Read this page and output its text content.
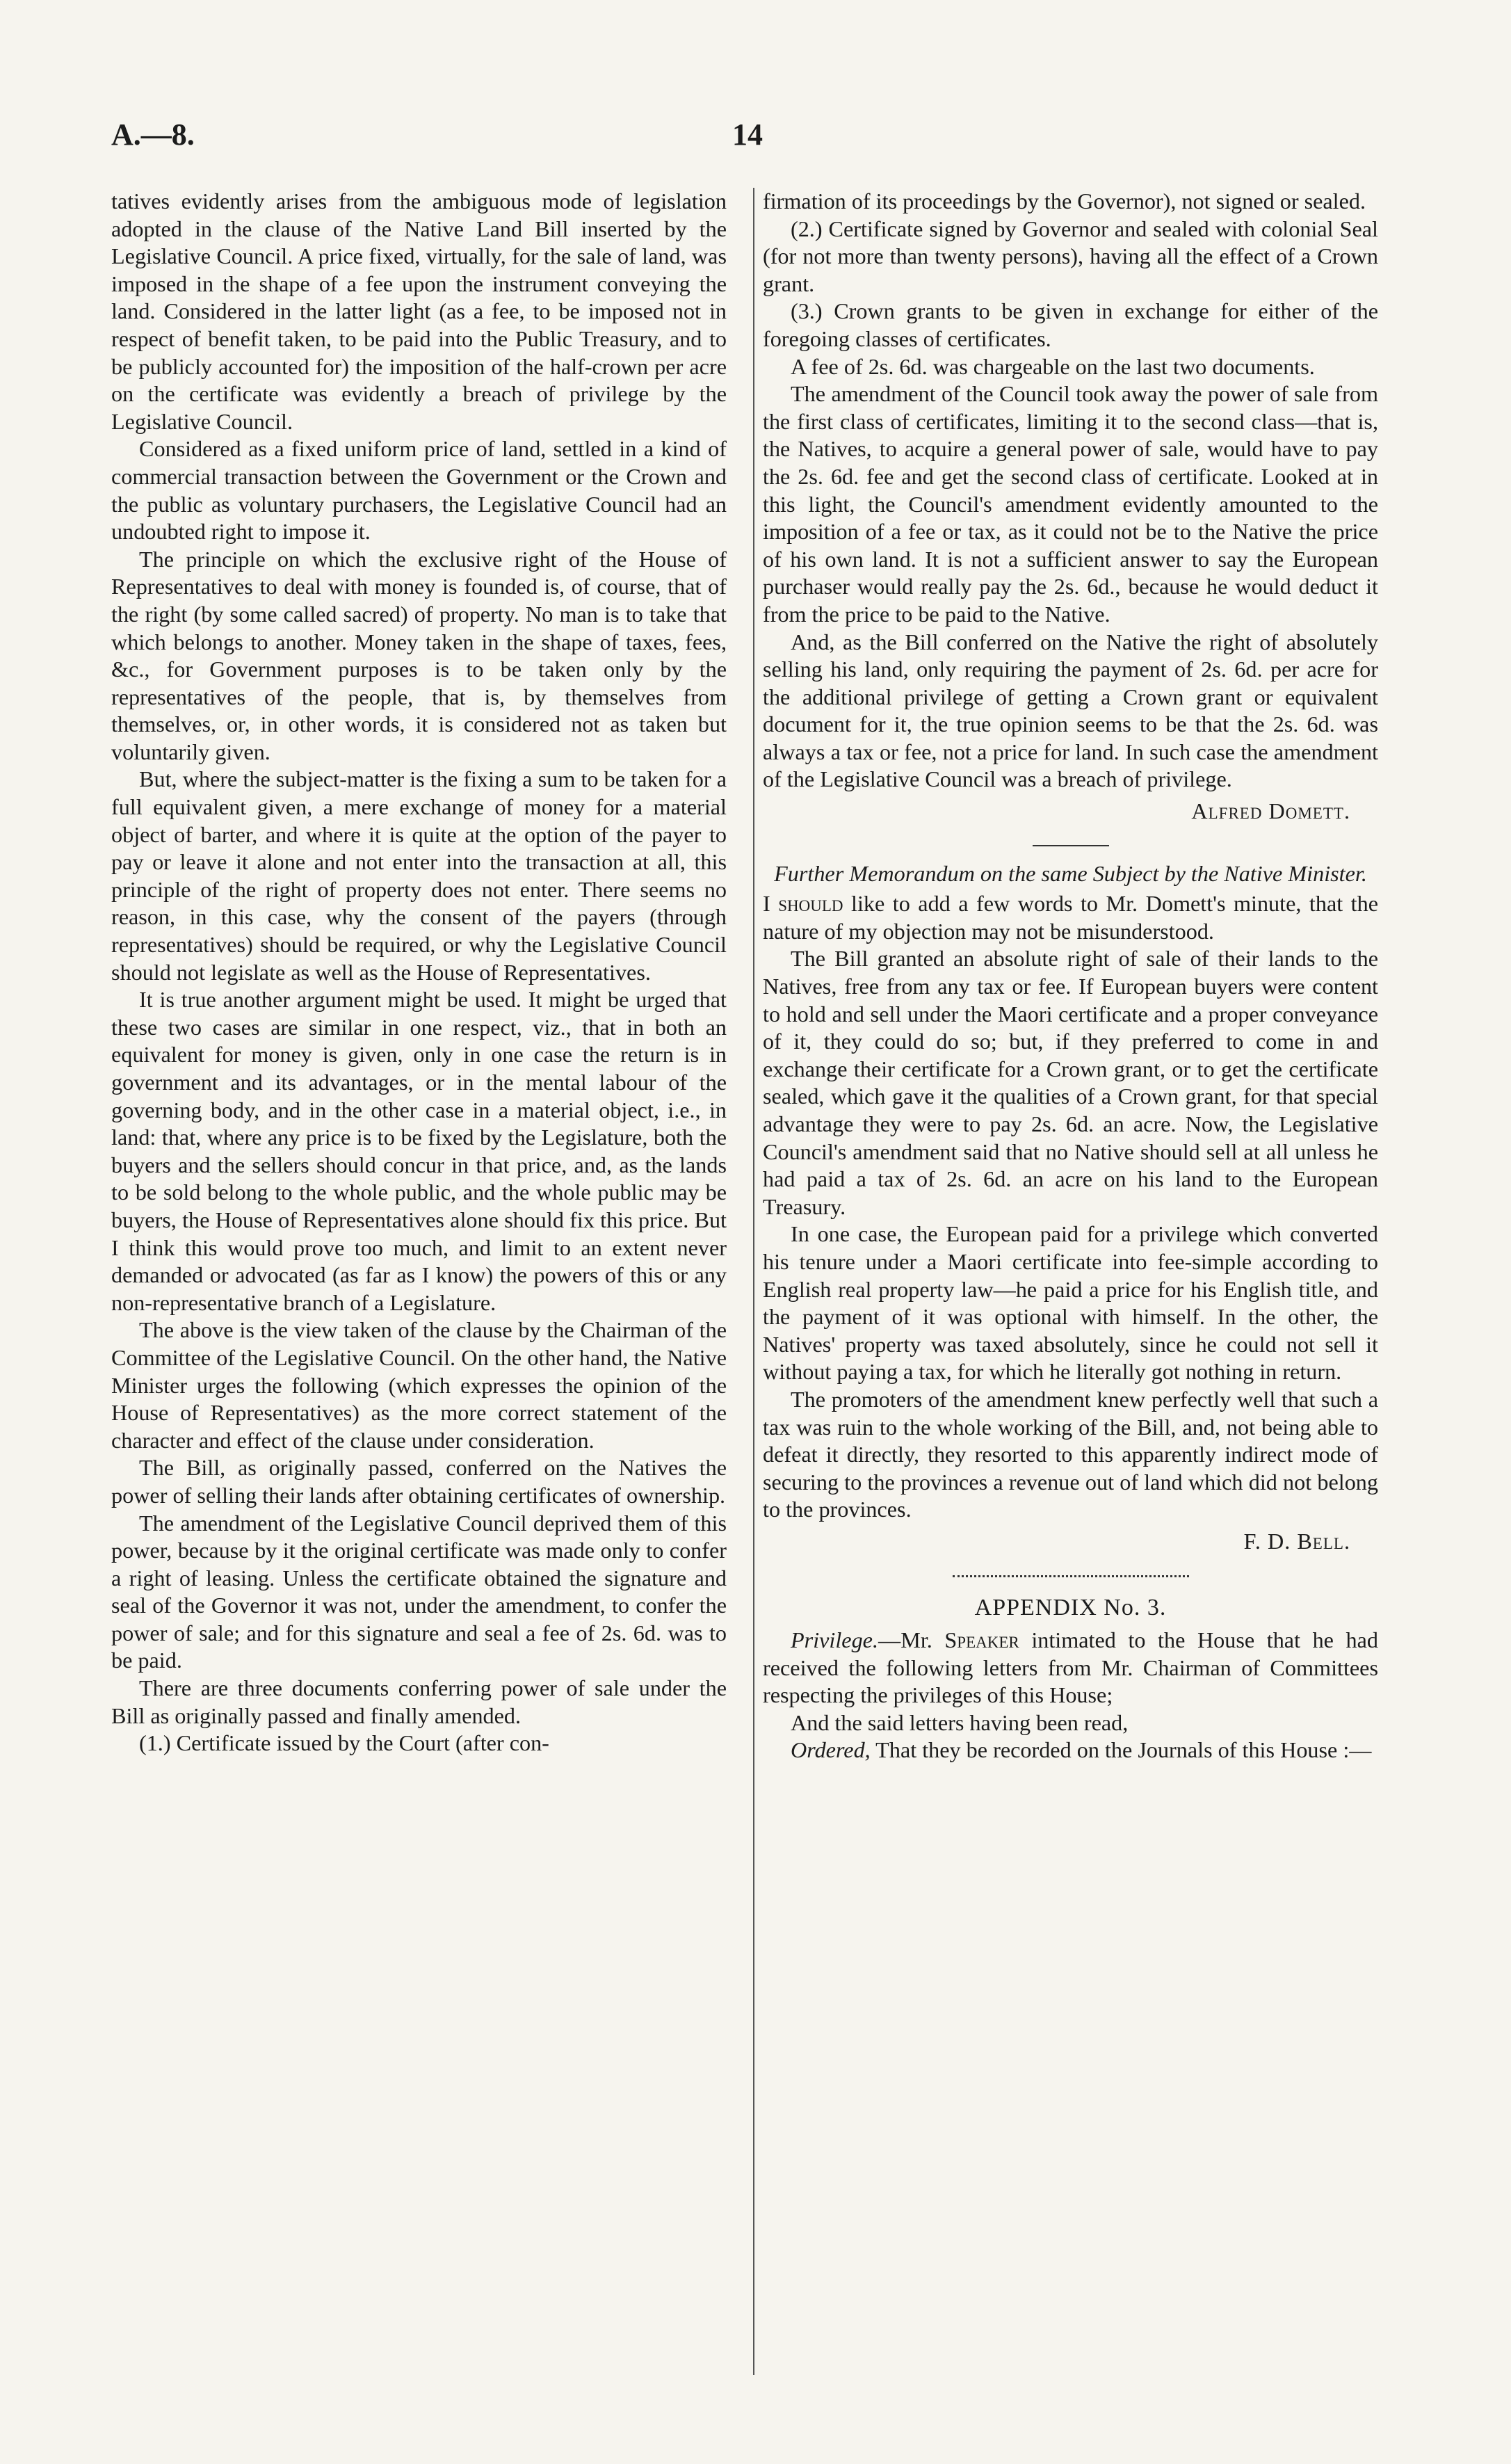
A.—8.	14

tatives evidently arises from the ambiguous mode of legislation adopted in the clause of the Native Land Bill inserted by the Legislative Council. A price fixed, virtually, for the sale of land, was imposed in the shape of a fee upon the instrument conveying the land. Considered in the latter light (as a fee, to be imposed not in respect of benefit taken, to be paid into the Public Treasury, and to be publicly accounted for) the imposition of the half-crown per acre on the certificate was evidently a breach of privilege by the Legislative Council.

Considered as a fixed uniform price of land, settled in a kind of commercial transaction between the Government or the Crown and the public as voluntary purchasers, the Legislative Council had an undoubted right to impose it.

The principle on which the exclusive right of the House of Representatives to deal with money is founded is, of course, that of the right (by some called sacred) of property. No man is to take that which belongs to another. Money taken in the shape of taxes, fees, &c., for Government purposes is to be taken only by the representatives of the people, that is, by themselves from themselves, or, in other words, it is considered not as taken but voluntarily given.

But, where the subject-matter is the fixing a sum to be taken for a full equivalent given, a mere exchange of money for a material object of barter, and where it is quite at the option of the payer to pay or leave it alone and not enter into the transaction at all, this principle of the right of property does not enter. There seems no reason, in this case, why the consent of the payers (through representatives) should be required, or why the Legislative Council should not legislate as well as the House of Representatives.

It is true another argument might be used. It might be urged that these two cases are similar in one respect, viz., that in both an equivalent for money is given, only in one case the return is in government and its advantages, or in the mental labour of the governing body, and in the other case in a material object, i.e., in land: that, where any price is to be fixed by the Legislature, both the buyers and the sellers should concur in that price, and, as the lands to be sold belong to the whole public, and the whole public may be buyers, the House of Representatives alone should fix this price. But I think this would prove too much, and limit to an extent never demanded or advocated (as far as I know) the powers of this or any non-representative branch of a Legislature.

The above is the view taken of the clause by the Chairman of the Committee of the Legislative Council. On the other hand, the Native Minister urges the following (which expresses the opinion of the House of Representatives) as the more correct statement of the character and effect of the clause under consideration.

The Bill, as originally passed, conferred on the Natives the power of selling their lands after obtaining certificates of ownership.

The amendment of the Legislative Council deprived them of this power, because by it the original certificate was made only to confer a right of leasing. Unless the certificate obtained the signature and seal of the Governor it was not, under the amendment, to confer the power of sale; and for this signature and seal a fee of 2s. 6d. was to be paid.

There are three documents conferring power of sale under the Bill as originally passed and finally amended.

(1.) Certificate issued by the Court (after con-

firmation of its proceedings by the Governor), not signed or sealed.

(2.) Certificate signed by Governor and sealed with colonial Seal (for not more than twenty persons), having all the effect of a Crown grant.

(3.) Crown grants to be given in exchange for either of the foregoing classes of certificates.

A fee of 2s. 6d. was chargeable on the last two documents.

The amendment of the Council took away the power of sale from the first class of certificates, limiting it to the second class—that is, the Natives, to acquire a general power of sale, would have to pay the 2s. 6d. fee and get the second class of certificate. Looked at in this light, the Council's amendment evidently amounted to the imposition of a fee or tax, as it could not be to the Native the price of his own land. It is not a sufficient answer to say the European purchaser would really pay the 2s. 6d., because he would deduct it from the price to be paid to the Native.

And, as the Bill conferred on the Native the right of absolutely selling his land, only requiring the payment of 2s. 6d. per acre for the additional privilege of getting a Crown grant or equivalent document for it, the true opinion seems to be that the 2s. 6d. was always a tax or fee, not a price for land. In such case the amendment of the Legislative Council was a breach of privilege.

Alfred Domett.

Further Memorandum on the same Subject by the Native Minister.

I should like to add a few words to Mr. Domett's minute, that the nature of my objection may not be misunderstood.

The Bill granted an absolute right of sale of their lands to the Natives, free from any tax or fee. If European buyers were content to hold and sell under the Maori certificate and a proper conveyance of it, they could do so; but, if they preferred to come in and exchange their certificate for a Crown grant, or to get the certificate sealed, which gave it the qualities of a Crown grant, for that special advantage they were to pay 2s. 6d. an acre. Now, the Legislative Council's amendment said that no Native should sell at all unless he had paid a tax of 2s. 6d. an acre on his land to the European Treasury.

In one case, the European paid for a privilege which converted his tenure under a Maori certificate into fee-simple according to English real property law—he paid a price for his English title, and the payment of it was optional with himself. In the other, the Natives' property was taxed absolutely, since he could not sell it without paying a tax, for which he literally got nothing in return.

The promoters of the amendment knew perfectly well that such a tax was ruin to the whole working of the Bill, and, not being able to defeat it directly, they resorted to this apparently indirect mode of securing to the provinces a revenue out of land which did not belong to the provinces.

F. D. Bell.

APPENDIX No. 3.

Privilege.—Mr. Speaker intimated to the House that he had received the following letters from Mr. Chairman of Committees respecting the privileges of this House;

And the said letters having been read,

Ordered, That they be recorded on the Journals of this House :—
